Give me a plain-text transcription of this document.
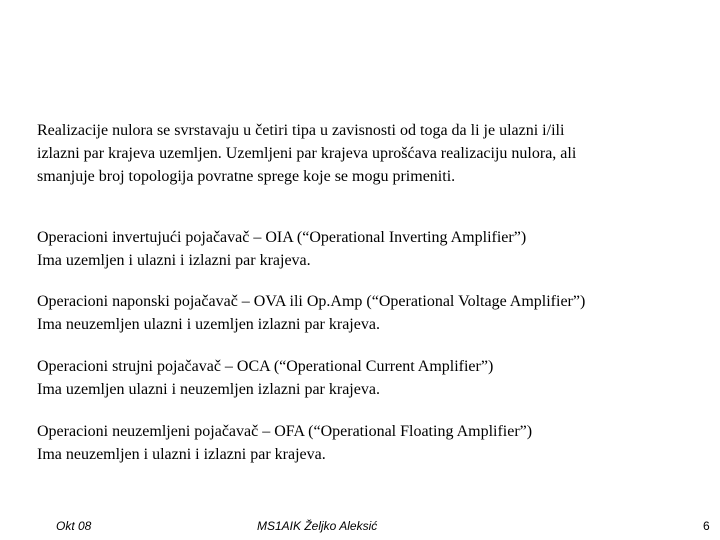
Realizacije nulora se svrstavaju u četiri tipa u zavisnosti od toga da li je ulazni i/ili
izlazni par krajeva uzemljen. Uzemljeni par krajeva uprošćava realizaciju nulora, ali
smanjuje broj topologija povratne sprege koje se mogu primeniti.

Operacioni invertujući pojačavač – OIA (“Operational Inverting Amplifier”)
Ima uzemljen i ulazni i izlazni par krajeva.

Operacioni naponski pojačavač – OVA ili Op.Amp (“Operational Voltage Amplifier”)
Ima neuzemljen ulazni i uzemljen izlazni par krajeva.

Operacioni strujni pojačavač – OCA (“Operational Current Amplifier”)
Ima uzemljen ulazni i neuzemljen izlazni par krajeva.

Operacioni neuzemljeni pojačavač – OFA (“Operational Floating Amplifier”)
Ima neuzemljen i ulazni i izlazni par krajeva.

Okt 08	MS1AIK Željko Aleksić	6
